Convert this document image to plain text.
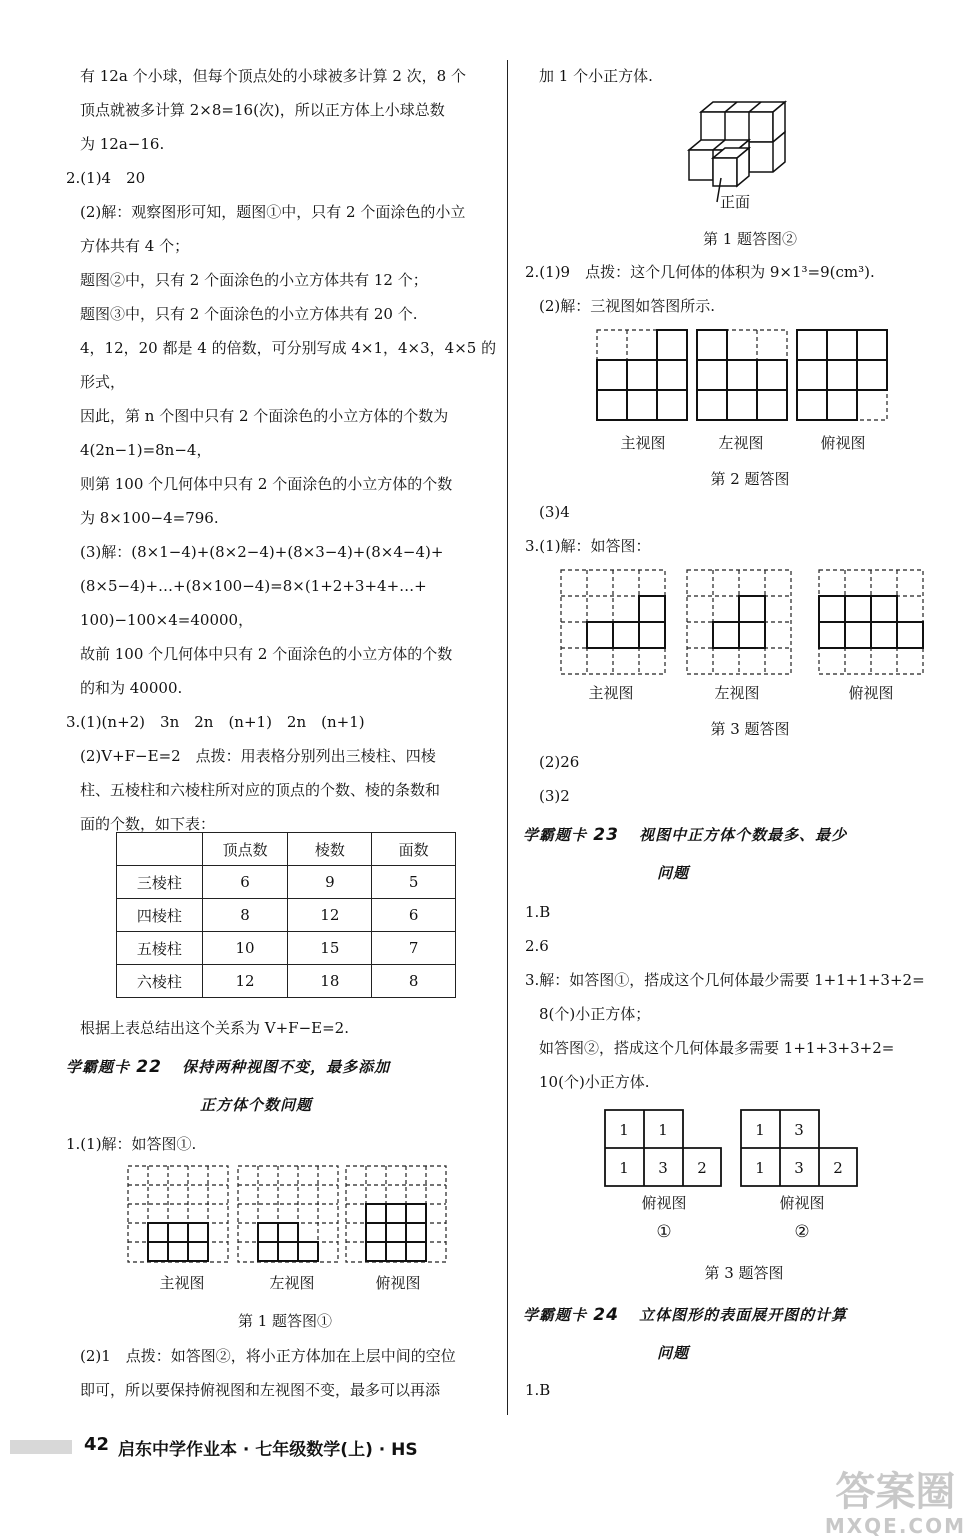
有 12a 个小球，但每个顶点处的小球被多计算 2 次，8 个
顶点就被多计算 2×8=16(次)，所以正方体上小球总数
为 12a−16.
2.(1)4　20
(2)解：观察图形可知，题图①中，只有 2 个面涂色的小立
方体共有 4 个；
题图②中，只有 2 个面涂色的小立方体共有 12 个；
题图③中，只有 2 个面涂色的小立方体共有 20 个.
4，12，20 都是 4 的倍数，可分别写成 4×1，4×3，4×5 的
形式，
因此，第 n 个图中只有 2 个面涂色的小立方体的个数为
4(2n−1)=8n−4，
则第 100 个几何体中只有 2 个面涂色的小立方体的个数
为 8×100−4=796.
(3)解：(8×1−4)+(8×2−4)+(8×3−4)+(8×4−4)+
(8×5−4)+…+(8×100−4)=8×(1+2+3+4+…+
100)−100×4=40000，
故前 100 个几何体中只有 2 个面涂色的小立方体的个数
的和为 40000.
3.(1)(n+2)　3n　2n　(n+1)　2n　(n+1)
(2)V+F−E=2　点拨：用表格分别列出三棱柱、四棱
柱、五棱柱和六棱柱所对应的顶点的个数、棱的条数和
面的个数，如下表：
	顶点数	棱数	面数
三棱柱	6	9	5
四棱柱	8	12	6
五棱柱	10	15	7
六棱柱	12	18	8
根据上表总结出这个关系为 V+F−E=2.
学霸题卡 22 保持两种视图不变，最多添加
正方体个数问题
1.(1)解：如答图①.
主视图	左视图	俯视图
第 1 题答图①
(2)1　点拨：如答图②，将小正方体加在上层中间的空位
即可，所以要保持俯视图和左视图不变，最多可以再添
加 1 个小正方体.
正面
第 1 题答图②
2.(1)9　点拨：这个几何体的体积为 9×1³=9(cm³).
(2)解：三视图如答图所示.
主视图	左视图	俯视图
第 2 题答图
(3)4
3.(1)解：如答图：
主视图	左视图	俯视图
第 3 题答图
(2)26
(3)2
学霸题卡 23 视图中正方体个数最多、最少
问题
1.B
2.6
3.解：如答图①，搭成这个几何体最少需要 1+1+1+3+2=
8(个)小正方体；
如答图②，搭成这个几何体最多需要 1+1+3+3+2=
10(个)小正方体.
1 1
1 3 2
1 3
1 3 2
俯视图	俯视图
①	②
第 3 题答图
学霸题卡 24 立体图形的表面展开图的计算
问题
1.B
42 启东中学作业本 · 七年级数学(上) · HS
答案圈
MXQE.COM
